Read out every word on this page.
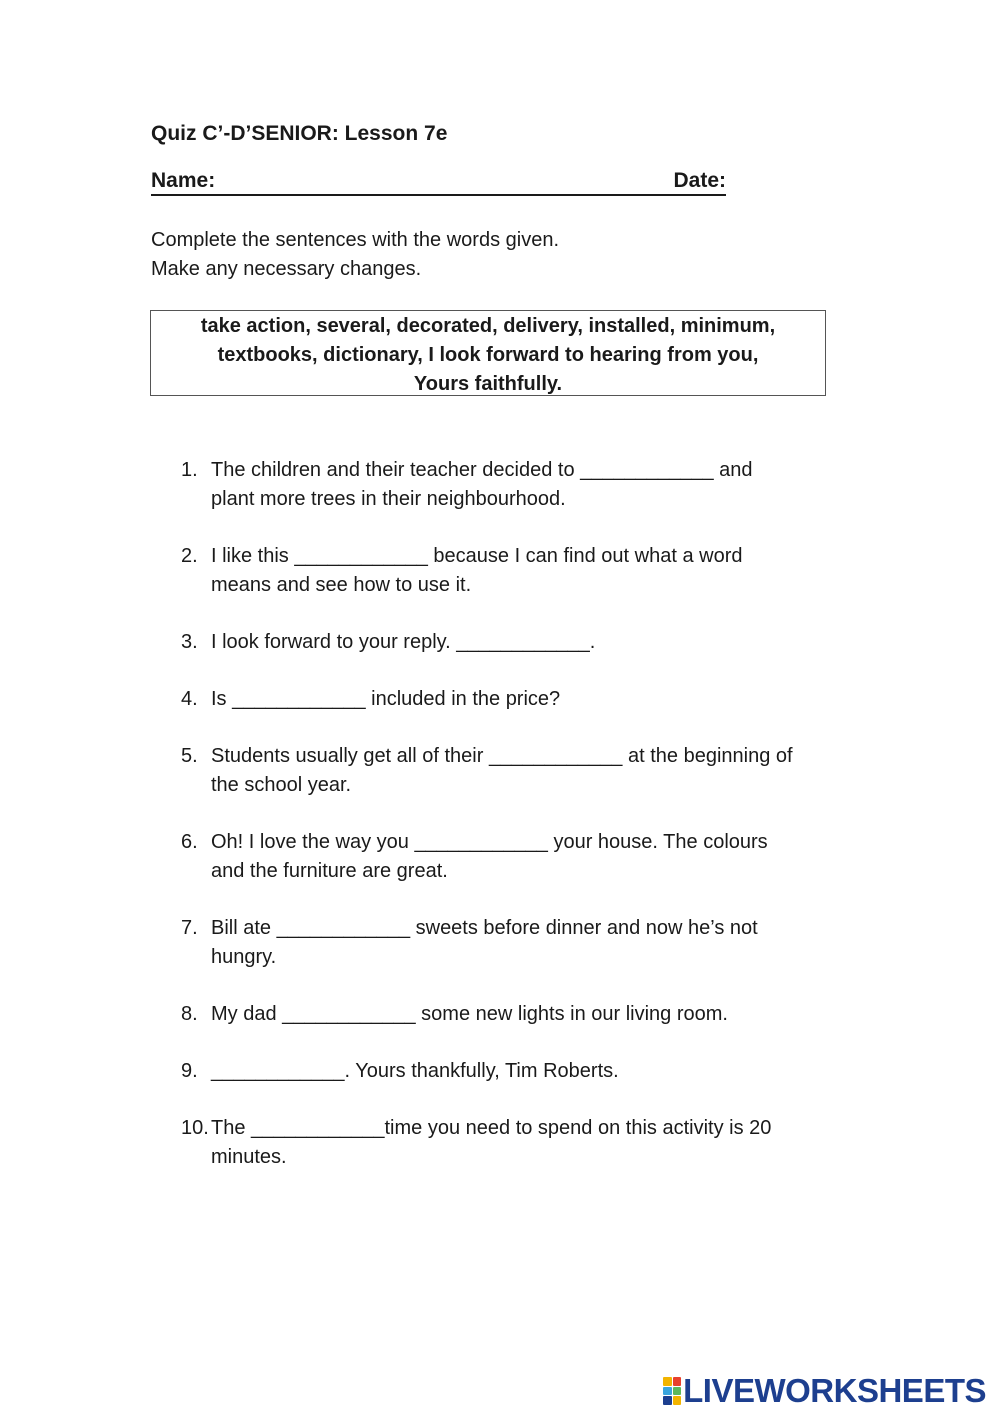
Quiz C’-D’SENIOR: Lesson 7e
Name:	Date:
Complete the sentences with the words given.
Make any necessary changes.
take action, several, decorated, delivery, installed, minimum,
textbooks, dictionary, I look forward to hearing from you,
Yours faithfully.
1. The children and their teacher decided to ____________ and
plant more trees in their neighbourhood.
2. I like this ____________ because I can find out what a word
means and see how to use it.
3. I look forward to your reply. ____________.
4. Is ____________ included in the price?
5. Students usually get all of their ____________ at the beginning of
the school year.
6. Oh! I love the way you ____________ your house. The colours
and the furniture are great.
7. Bill ate ____________ sweets before dinner and now he’s not
hungry.
8. My dad ____________ some new lights in our living room.
9. ____________. Yours thankfully, Tim Roberts.
10. The ____________time you need to spend on this activity is 20
minutes.
LIVEWORKSHEETS
